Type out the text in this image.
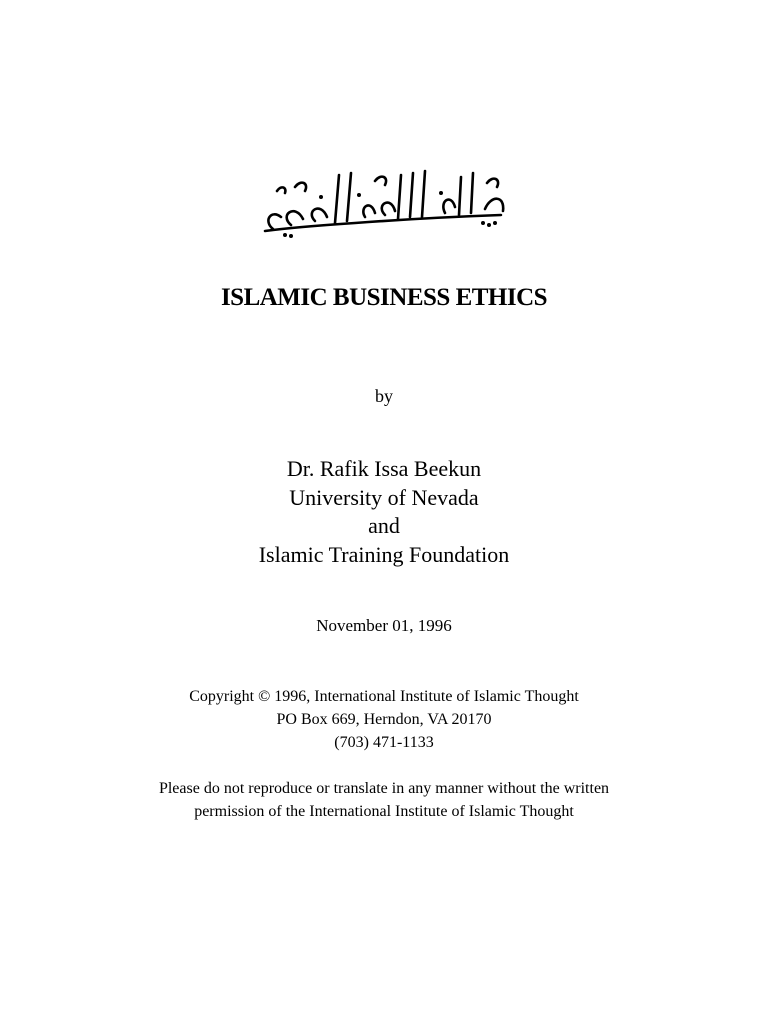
ISLAMIC BUSINESS ETHICS
by
Dr. Rafik Issa Beekun
University of Nevada
and
Islamic Training Foundation
November 01, 1996
Copyright © 1996, International Institute of Islamic Thought
PO Box 669, Herndon, VA 20170
(703) 471-1133
Please do not reproduce or translate in any manner without the written
permission of the International Institute of Islamic Thought
